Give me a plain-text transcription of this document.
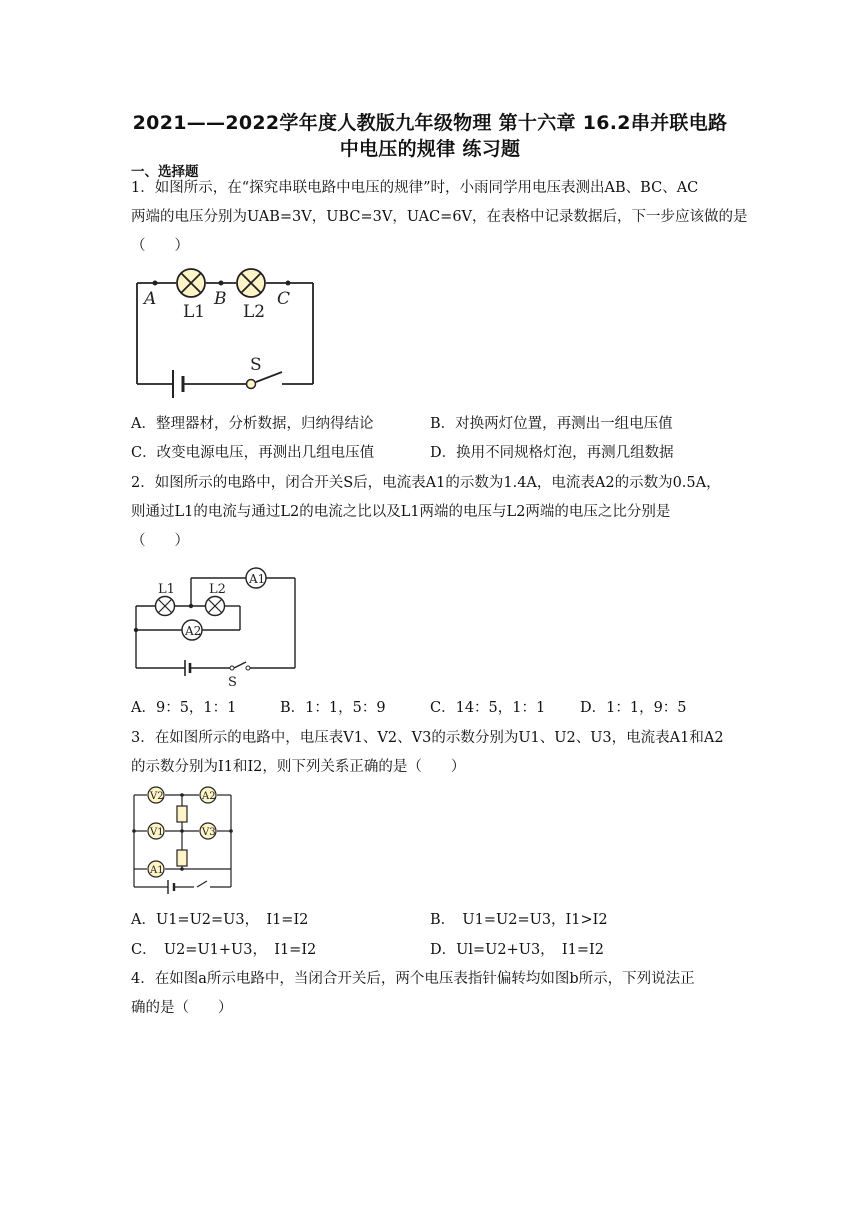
2021——2022学年度人教版九年级物理 第十六章 16.2串并联电路
中电压的规律 练习题
一、选择题
1．如图所示，在“探究串联电路中电压的规律”时，小雨同学用电压表测出AB、BC、AC
两端的电压分别为UAB=3V，UBC=3V，UAC=6V，在表格中记录数据后，下一步应该做的是
（　　）
A	B	C
L1 L2
S
A．整理器材，分析数据，归纳得结论	B．对换两灯位置，再测出一组电压值
C．改变电源电压，再测出几组电压值	D．换用不同规格灯泡，再测几组数据
2．如图所示的电路中，闭合开关S后，电流表A1的示数为1.4A，电流表A2的示数为0.5A，
则通过L1的电流与通过L2的电流之比以及L1两端的电压与L2两端的电压之比分别是
（　　）
A1
A2
L1	L2
S
A．9：5，1：1	B．1：1，5：9	C．14：5，1：1 D．1：1，9：5
3．在如图所示的电路中，电压表V1、V2、V3的示数分别为U1、U2、U3，电流表A1和A2
的示数分别为I1和I2，则下列关系正确的是（　　）
V2	A2
V1	V3
A1
A．U1=U2=U3，　I1=I2	B．　U1=U2=U3，I1>I2
C．　U2=U1+U3，　I1=I2	D．Ul=U2+U3，　I1=I2
4．在如图a所示电路中，当闭合开关后，两个电压表指针偏转均如图b所示，下列说法正
确的是（　　）
